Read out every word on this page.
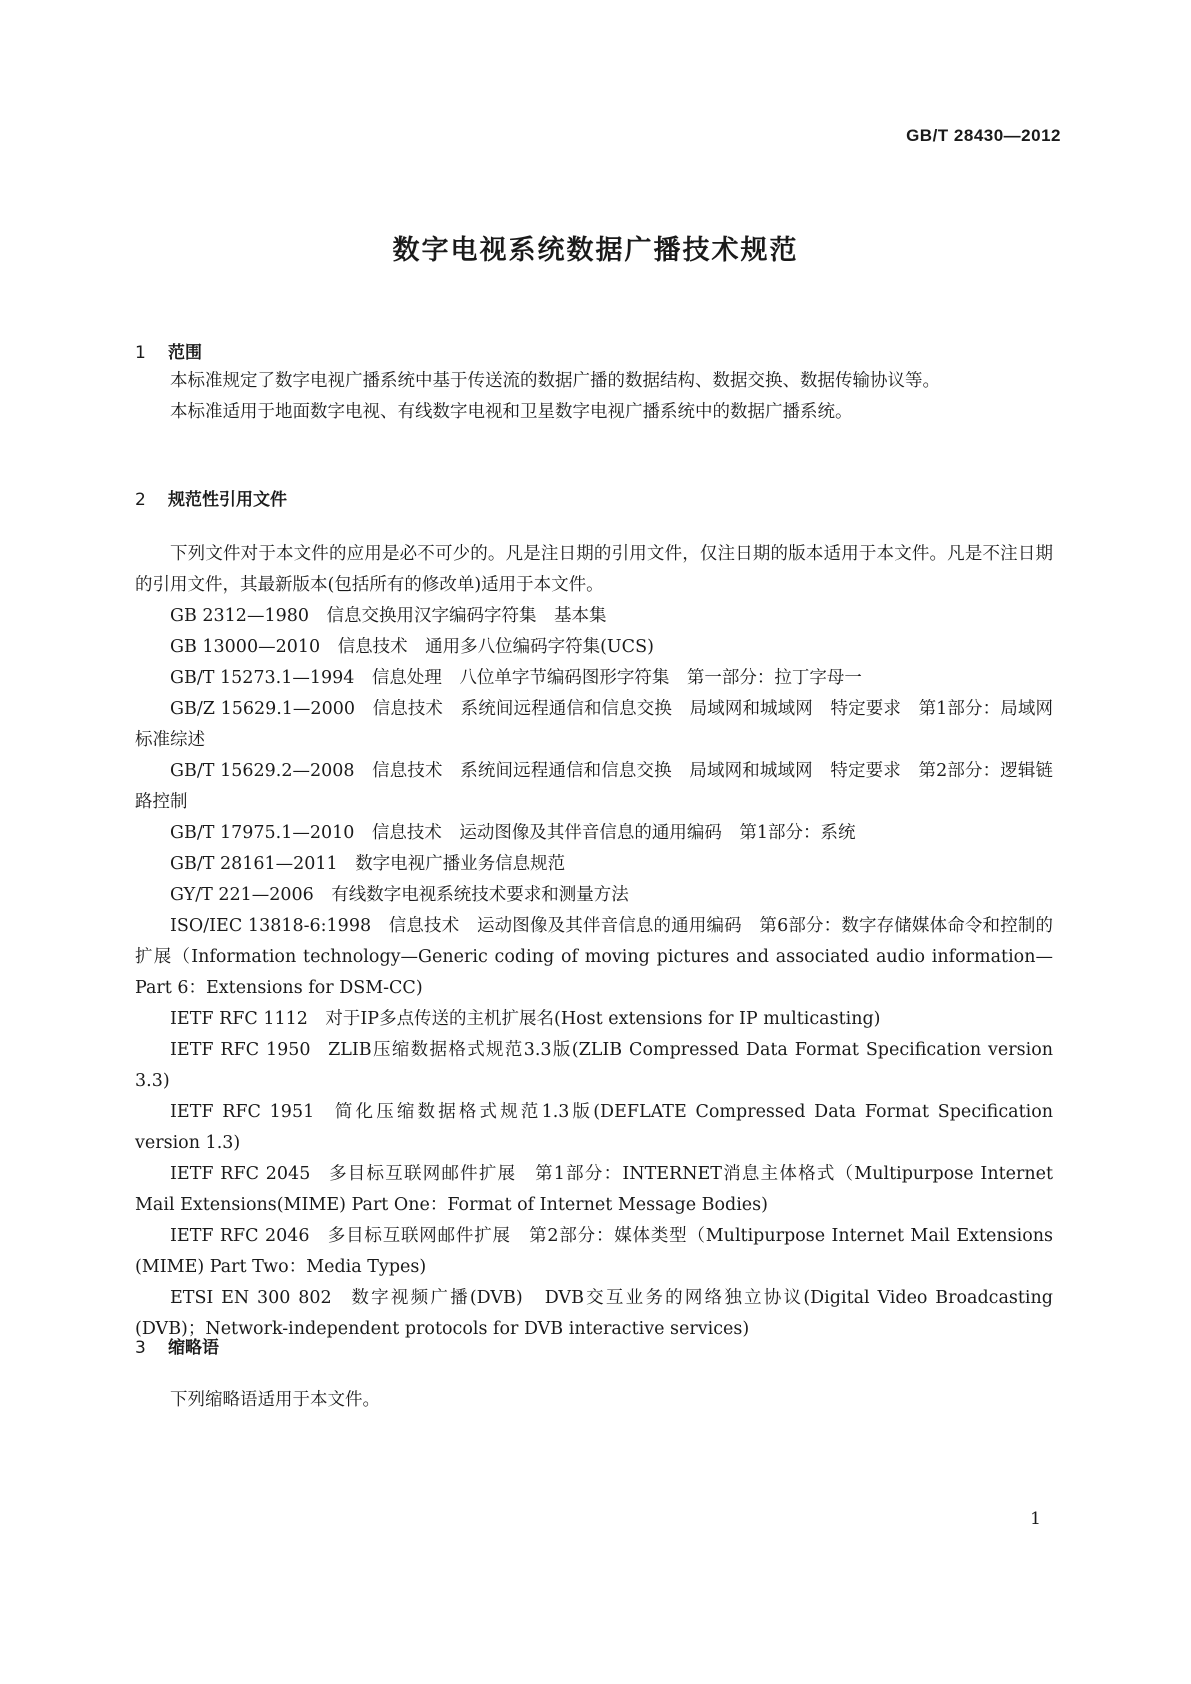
GB/T 28430—2012
数字电视系统数据广播技术规范
1 范围

本标准规定了数字电视广播系统中基于传送流的数据广播的数据结构、数据交换、数据传输协议等。

本标准适用于地面数字电视、有线数字电视和卫星数字电视广播系统中的数据广播系统。

2 规范性引用文件

下列文件对于本文件的应用是必不可少的。凡是注日期的引用文件，仅注日期的版本适用于本文件。凡是不注日期的引用文件，其最新版本(包括所有的修改单)适用于本文件。

GB 2312—1980 信息交换用汉字编码字符集　基本集

GB 13000—2010 信息技术　通用多八位编码字符集(UCS)

GB/T 15273.1—1994 信息处理　八位单字节编码图形字符集　第一部分：拉丁字母一

GB/Z 15629.1—2000 信息技术　系统间远程通信和信息交换　局域网和城域网　特定要求　第1部分：局域网标准综述

GB/T 15629.2—2008 信息技术　系统间远程通信和信息交换　局域网和城域网　特定要求　第2部分：逻辑链路控制

GB/T 17975.1—2010 信息技术　运动图像及其伴音信息的通用编码　第1部分：系统

GB/T 28161—2011 数字电视广播业务信息规范

GY/T 221—2006 有线数字电视系统技术要求和测量方法

ISO/IEC 13818-6:1998 信息技术　运动图像及其伴音信息的通用编码　第6部分：数字存储媒体命令和控制的扩展（Information technology—Generic coding of moving pictures and associated audio information—Part 6：Extensions for DSM-CC)

IETF RFC 1112 对于IP多点传送的主机扩展名(Host extensions for IP multicasting)

IETF RFC 1950 ZLIB压缩数据格式规范3.3版(ZLIB Compressed Data Format Specification version 3.3)

IETF RFC 1951 简化压缩数据格式规范1.3版(DEFLATE Compressed Data Format Specification version 1.3)

IETF RFC 2045 多目标互联网邮件扩展　第1部分：INTERNET消息主体格式（Multipurpose Internet Mail Extensions(MIME) Part One：Format of Internet Message Bodies)

IETF RFC 2046 多目标互联网邮件扩展　第2部分：媒体类型（Multipurpose Internet Mail Extensions (MIME) Part Two：Media Types)

ETSI EN 300 802 数字视频广播(DVB)　DVB交互业务的网络独立协议(Digital Video Broadcasting (DVB)；Network-independent protocols for DVB interactive services)

3 缩略语

下列缩略语适用于本文件。

1
